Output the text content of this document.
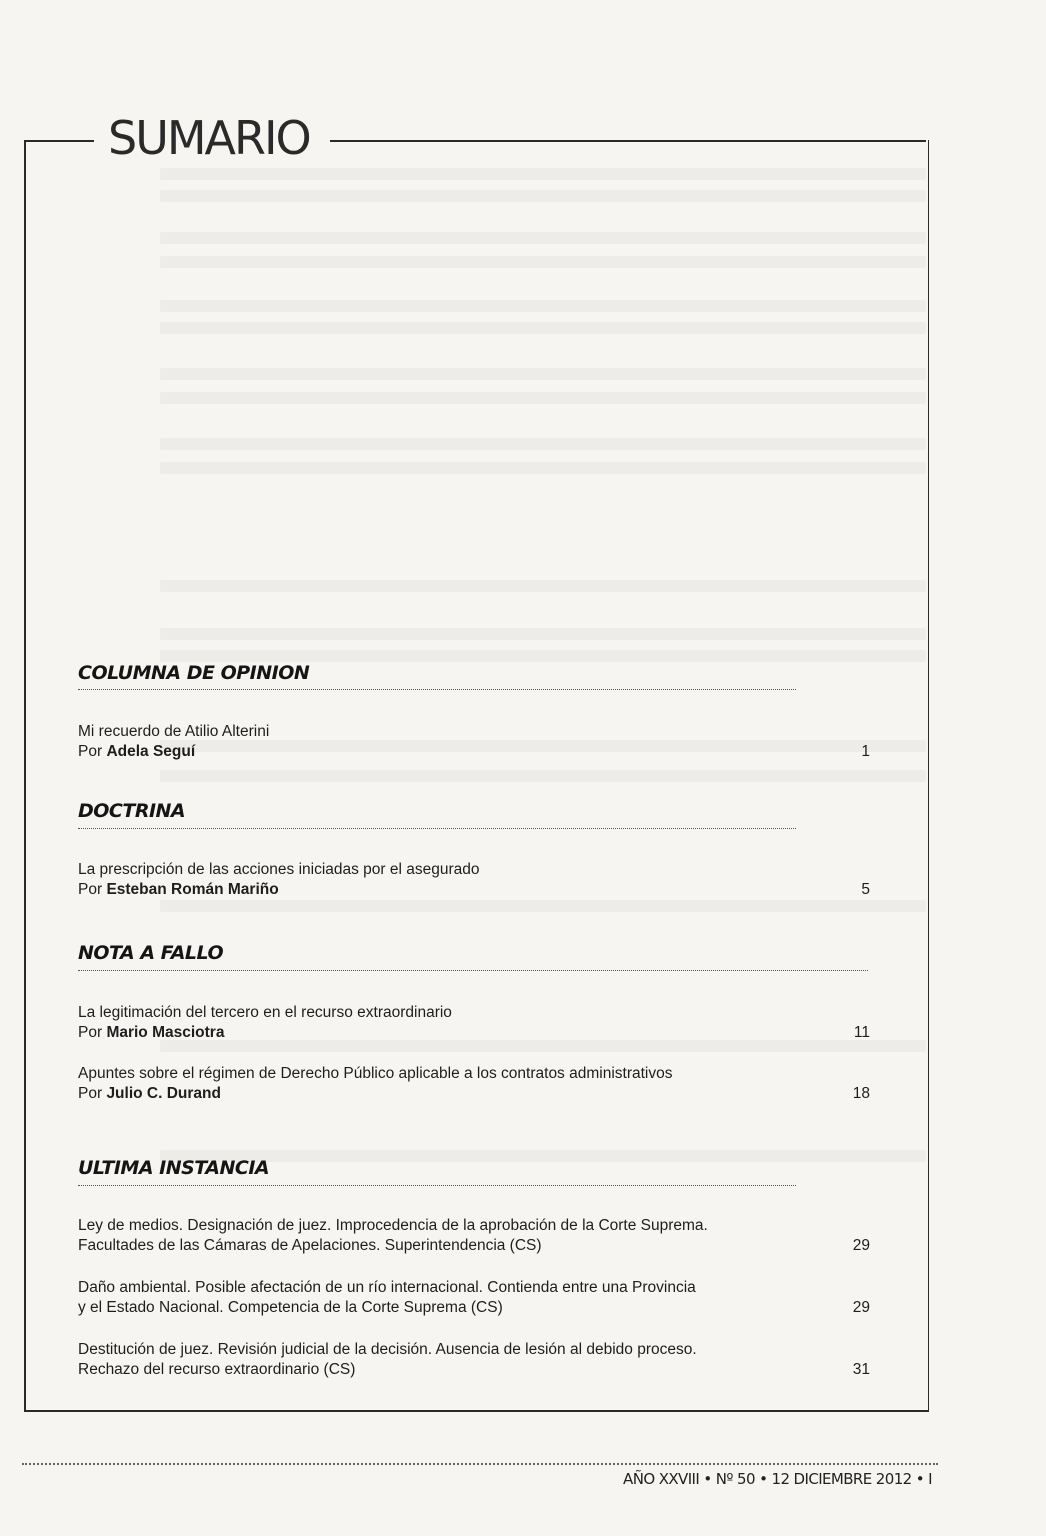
SUMARIO
COLUMNA DE OPINION
Mi recuerdo de Atilio Alterini
Por Adela Seguí	1
DOCTRINA
La prescripción de las acciones iniciadas por el asegurado
Por Esteban Román Mariño	5
NOTA A FALLO
La legitimación del tercero en el recurso extraordinario
Por Mario Masciotra	11
Apuntes sobre el régimen de Derecho Público aplicable a los contratos administrativos
Por Julio C. Durand	18
ULTIMA INSTANCIA
Ley de medios. Designación de juez. Improcedencia de la aprobación de la Corte Suprema.
Facultades de las Cámaras de Apelaciones. Superintendencia (CS)	29
Daño ambiental. Posible afectación de un río internacional. Contienda entre una Provincia
y el Estado Nacional. Competencia de la Corte Suprema (CS)	29
Destitución de juez. Revisión judicial de la decisión. Ausencia de lesión al debido proceso.
Rechazo del recurso extraordinario (CS)	31
AÑO XXVIII • Nº 50 • 12 DICIEMBRE 2012 • I
